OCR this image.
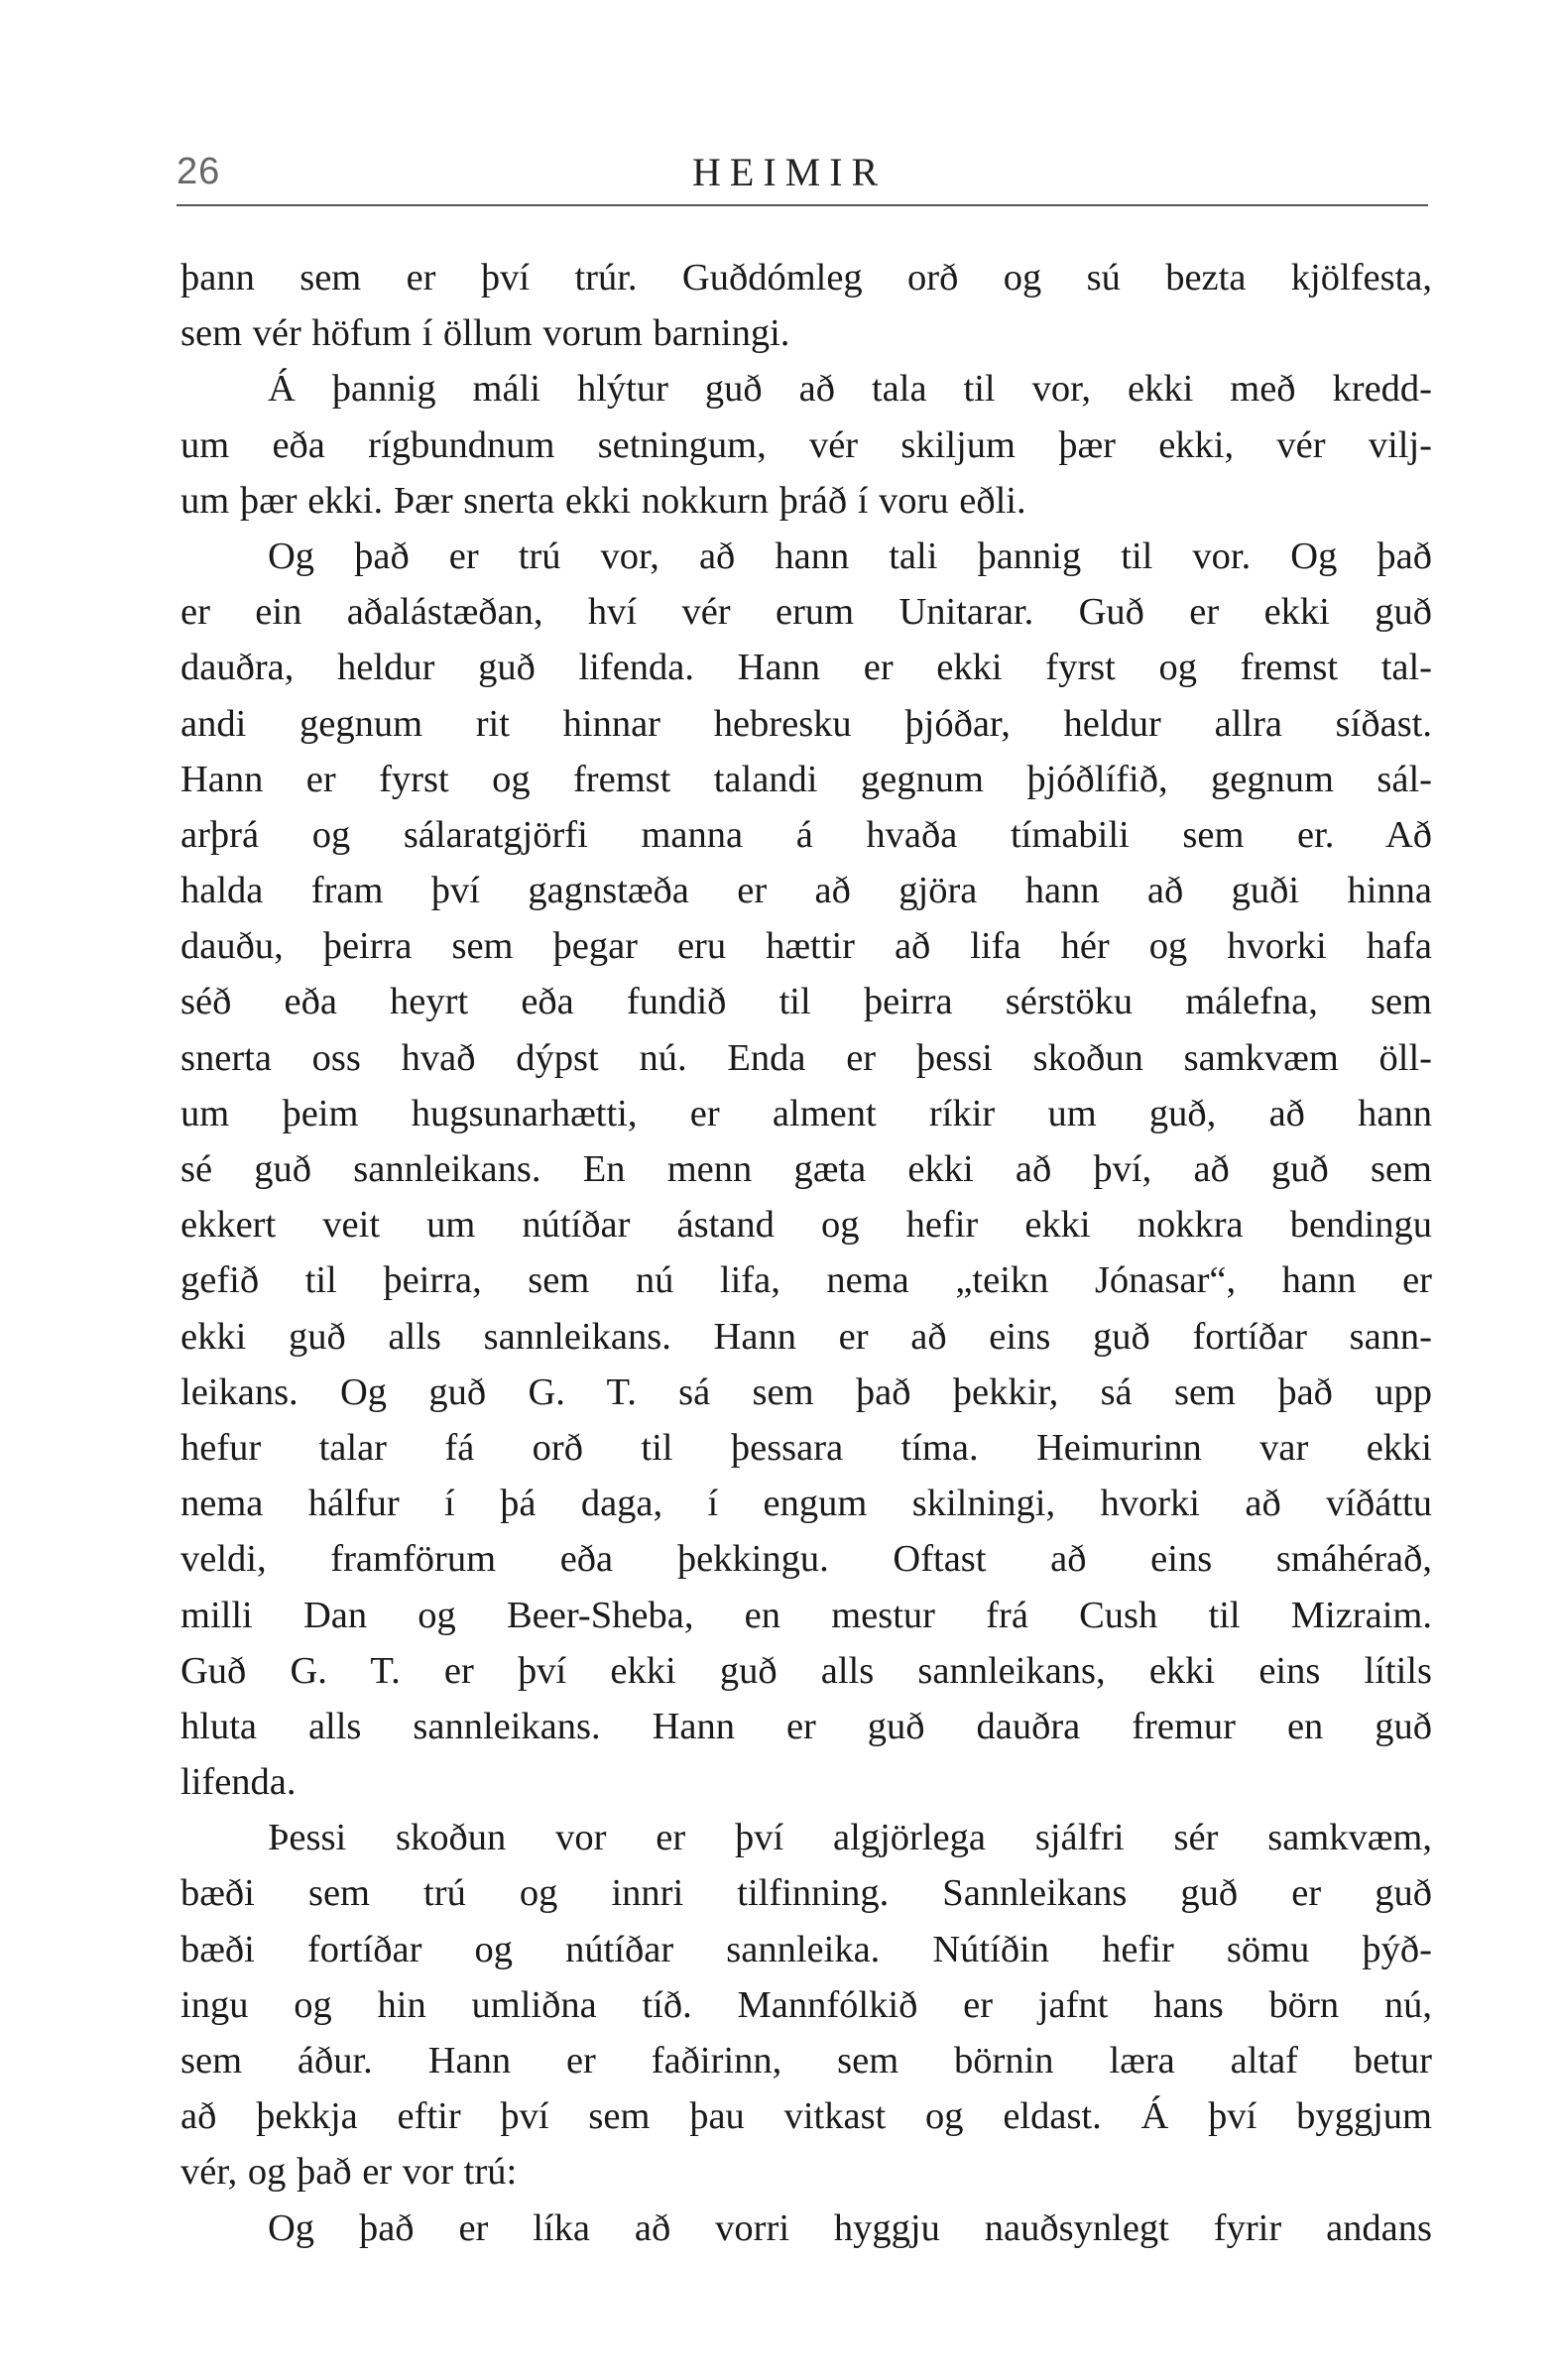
26	HEIMIR
þann sem er því trúr. Guðdómleg orð og sú bezta kjölfesta,
sem vér höfum í öllum vorum barningi.
Á þannig máli hlýtur guð að tala til vor, ekki með kredd-
um eða rígbundnum setningum, vér skiljum þær ekki, vér vilj-
um þær ekki. Þær snerta ekki nokkurn þráð í voru eðli.
Og það er trú vor, að hann tali þannig til vor. Og það
er ein aðalástæðan, hví vér erum Unitarar. Guð er ekki guð
dauðra, heldur guð lifenda. Hann er ekki fyrst og fremst tal-
andi gegnum rit hinnar hebresku þjóðar, heldur allra síðast.
Hann er fyrst og fremst talandi gegnum þjóðlífið, gegnum sál-
arþrá og sálaratgjörfi manna á hvaða tímabili sem er. Að
halda fram því gagnstæða er að gjöra hann að guði hinna
dauðu, þeirra sem þegar eru hættir að lifa hér og hvorki hafa
séð eða heyrt eða fundið til þeirra sérstöku málefna, sem
snerta oss hvað dýpst nú. Enda er þessi skoðun samkvæm öll-
um þeim hugsunarhætti, er alment ríkir um guð, að hann
sé guð sannleikans. En menn gæta ekki að því, að guð sem
ekkert veit um nútíðar ástand og hefir ekki nokkra bendingu
gefið til þeirra, sem nú lifa, nema „teikn Jónasar“, hann er
ekki guð alls sannleikans. Hann er að eins guð fortíðar sann-
leikans. Og guð G. T. sá sem það þekkir, sá sem það upp
hefur talar fá orð til þessara tíma. Heimurinn var ekki
nema hálfur í þá daga, í engum skilningi, hvorki að víðáttu
veldi, framförum eða þekkingu. Oftast að eins smáhérað,
milli Dan og Beer-Sheba, en mestur frá Cush til Mizraim.
Guð G. T. er því ekki guð alls sannleikans, ekki eins lítils
hluta alls sannleikans. Hann er guð dauðra fremur en guð
lifenda.
Þessi skoðun vor er því algjörlega sjálfri sér samkvæm,
bæði sem trú og innri tilfinning. Sannleikans guð er guð
bæði fortíðar og nútíðar sannleika. Nútíðin hefir sömu þýð-
ingu og hin umliðna tíð. Mannfólkið er jafnt hans börn nú,
sem áður. Hann er faðirinn, sem börnin læra altaf betur
að þekkja eftir því sem þau vitkast og eldast. Á því byggjum
vér, og það er vor trú:
Og það er líka að vorri hyggju nauðsynlegt fyrir andans
